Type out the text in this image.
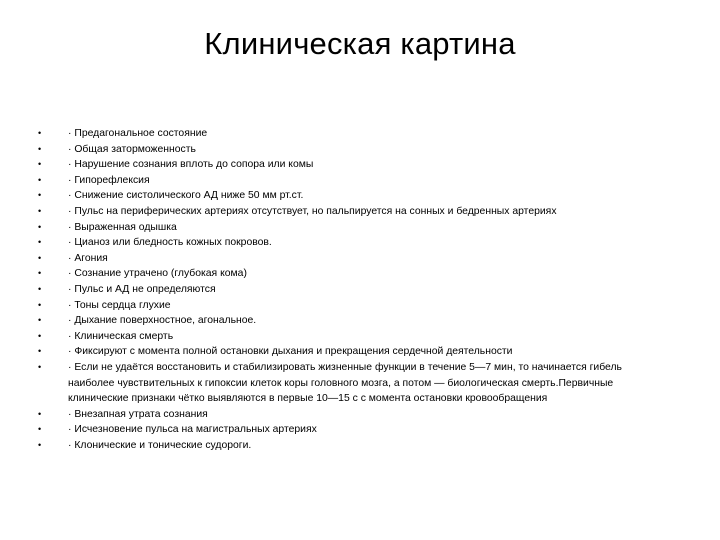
Клиническая картина
•	· Предагональное состояние
•	· Общая заторможенность
•	· Нарушение сознания вплоть до сопора или комы
•	· Гипорефлексия
•	· Снижение систолического АД ниже 50 мм рт.ст.
•	· Пульс на периферических артериях отсутствует, но пальпируется на сонных и бедренных артериях
•	· Выраженная одышка
•	· Цианоз или бледность кожных покровов.
•	· Агония
•	· Сознание утрачено (глубокая кома)
•	· Пульс и АД не определяются
•	· Тоны сердца глухие
•	· Дыхание поверхностное, агональное.
•	· Клиническая смерть
•	· Фиксируют с момента полной остановки дыхания и прекращения сердечной деятельности
•	· Если не удаётся восстановить и стабилизировать жизненные функции в течение 5—7 мин, то начинается гибель наиболее чувствительных к гипоксии клеток коры головного мозга, а потом — биологическая смерть.Первичные клинические признаки чётко выявляются в первые 10—15 с с момента остановки кровообращения
•	· Внезапная утрата сознания
•	· Исчезновение пульса на магистральных артериях
•	· Клонические и тонические судороги.
